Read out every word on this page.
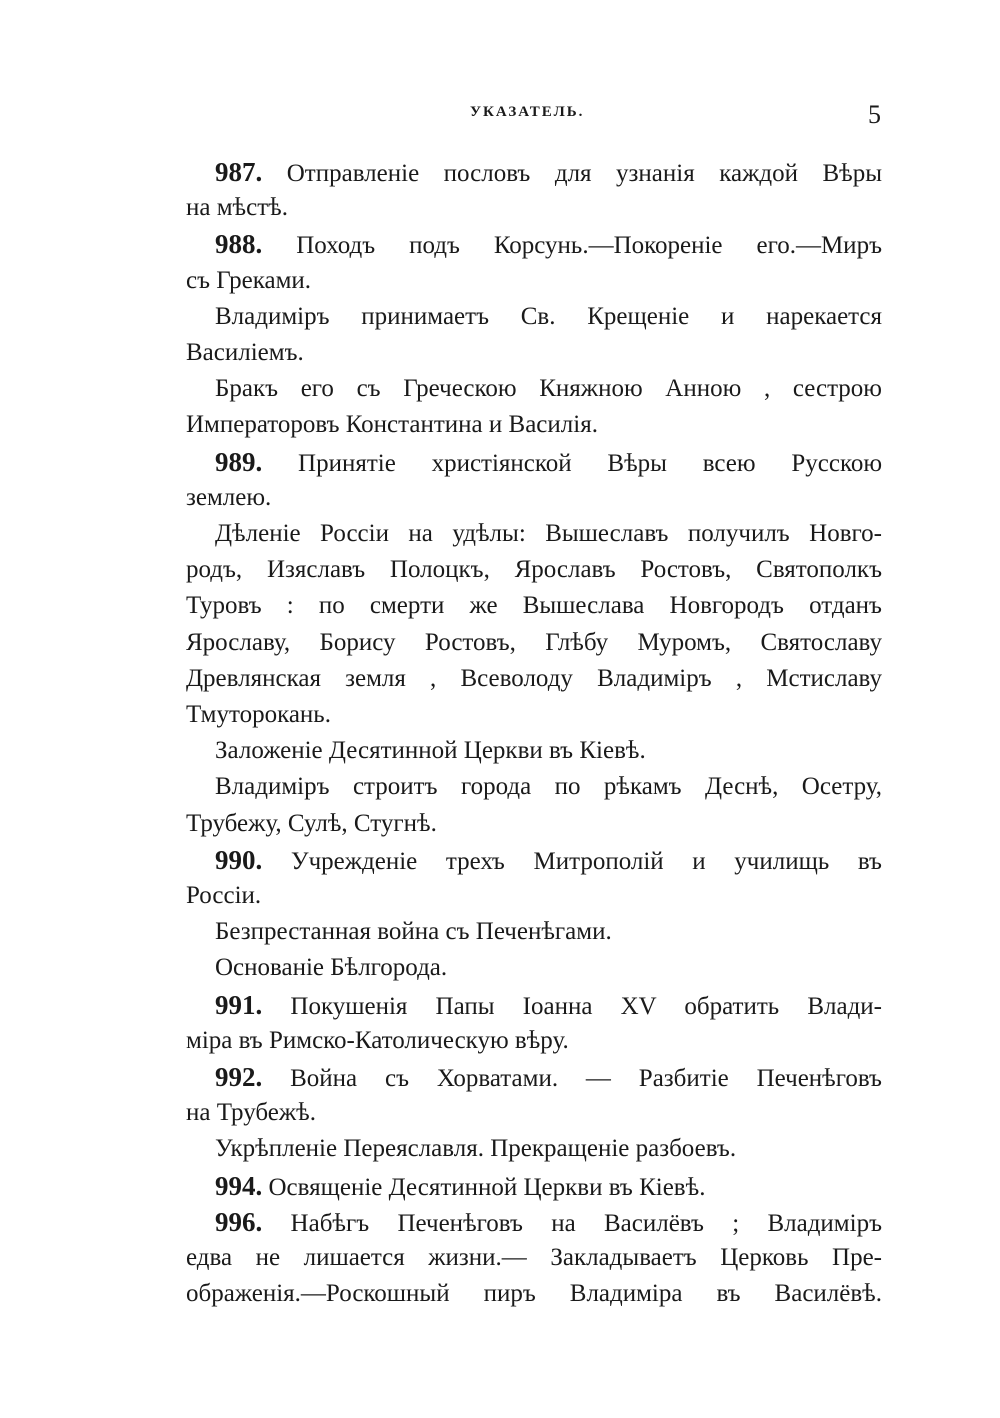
УКАЗАТЕЛЬ.	5
987. Отправленіе пословъ для узнанія каждой Вѣры
на мѣстѣ.
988. Походъ подъ Корсунь.—Покореніе его.—Миръ
съ Греками.
Владиміръ принимаетъ Св. Крещеніе и нарекается
Василіемъ.
Бракъ его съ Греческою Княжною Анною , сестрою
Императоровъ Константина и Василія.
989. Принятіе христіянской Вѣры всею Русскою
землею.
Дѣленіе Россіи на удѣлы: Вышеславъ получилъ Новго-
родъ, Изяславъ Полоцкъ, Ярославъ Ростовъ, Святополкъ
Туровъ : по смерти же Вышеслава Новгородъ отданъ
Ярославу, Борису Ростовъ, Глѣбу Муромъ, Святославу
Древлянская земля , Всеволоду Владиміръ , Мстиславу
Тмуторокань.
Заложеніе Десятинной Церкви въ Кіевѣ.
Владиміръ строитъ города по рѣкамъ Деснѣ, Осетру,
Трубежу, Сулѣ, Стугнѣ.
990. Учрежденіе трехъ Митрополій и училищь въ
Россіи.
Безпрестанная война съ Печенѣгами.
Основаніе Бѣлгорода.
991. Покушенія Папы Іоанна XV обратить Влади-
міра въ Римско-Католическую вѣру.
992. Война съ Хорватами. — Разбитіе Печенѣговъ
на Трубежѣ.
Укрѣпленіе Переяславля. Прекращеніе разбоевъ.
994. Освященіе Десятинной Церкви въ Кіевѣ.
996. Набѣгъ Печенѣговъ на Василёвъ ; Владиміръ
едва не лишается жизни.— Закладываетъ Церковь Пре-
ображенія.—Роскошный пиръ Владиміра въ Василёвѣ.
